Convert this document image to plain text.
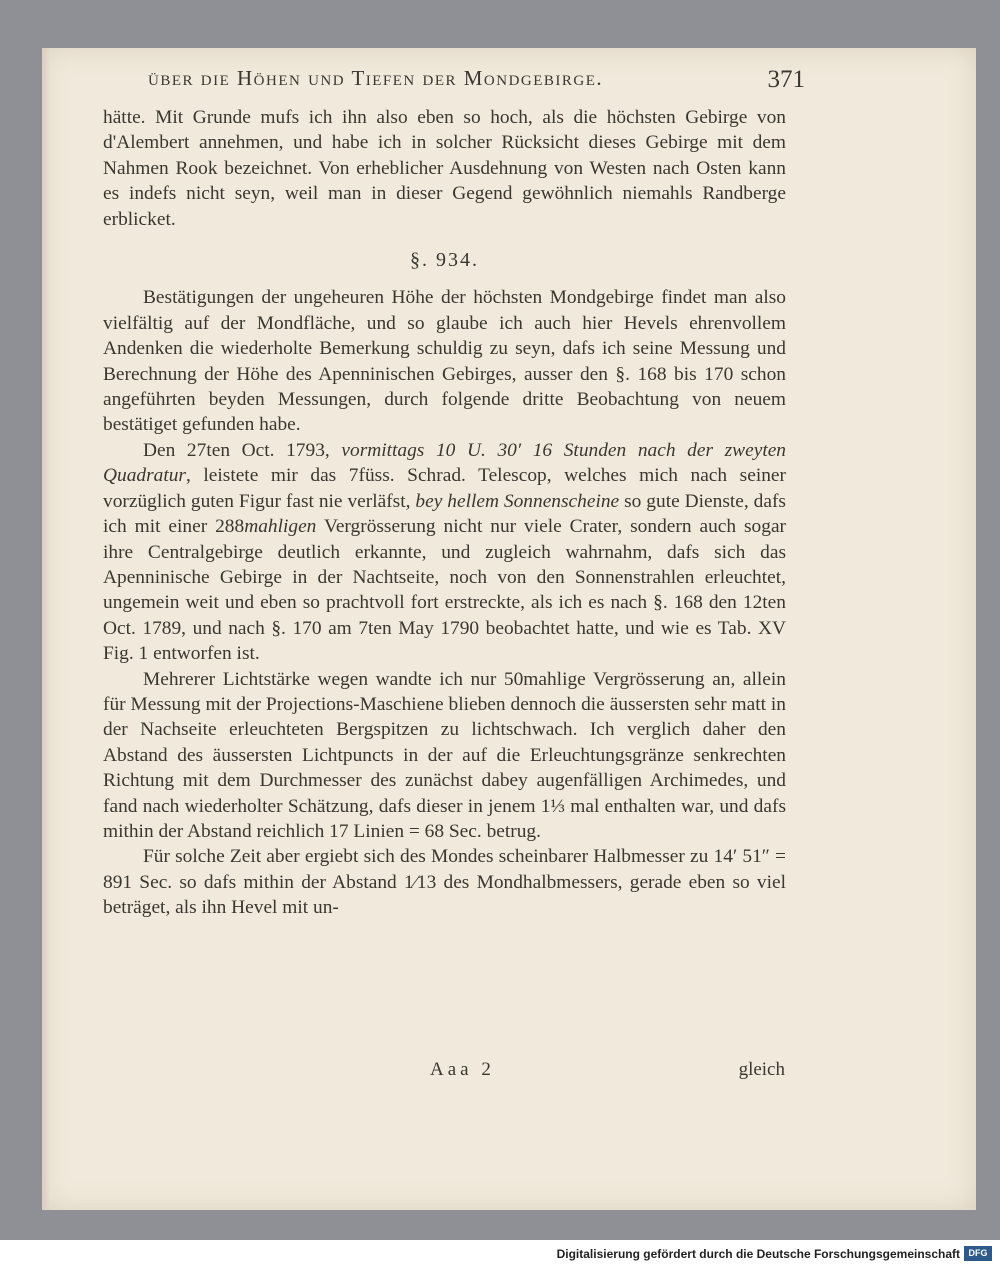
über die Höhen und Tiefen der Mondgebirge.	371

hätte. Mit Grunde mufs ich ihn also eben so hoch, als die höchsten Gebirge von d'Alembert annehmen, und habe ich in solcher Rücksicht dieses Gebirge mit dem Nahmen Rook bezeichnet. Von erheblicher Ausdehnung von Westen nach Osten kann es indefs nicht seyn, weil man in dieser Gegend gewöhnlich niemahls Randberge erblicket.

§. 934.

Bestätigungen der ungeheuren Höhe der höchsten Mondgebirge findet man also vielfältig auf der Mondfläche, und so glaube ich auch hier Hevels ehrenvollem Andenken die wiederholte Bemerkung schuldig zu seyn, dafs ich seine Messung und Berechnung der Höhe des Apenninischen Gebirges, ausser den §. 168 bis 170 schon angeführten beyden Messungen, durch folgende dritte Beobachtung von neuem bestätiget gefunden habe.

Den 27ten Oct. 1793, vormittags 10 U. 30′ 16 Stunden nach der zweyten Quadratur, leistete mir das 7füss. Schrad. Telescop, welches mich nach seiner vorzüglich guten Figur fast nie verläfst, bey hellem Sonnenscheine so gute Dienste, dafs ich mit einer 288mahligen Vergrösserung nicht nur viele Crater, sondern auch sogar ihre Centralgebirge deutlich erkannte, und zugleich wahrnahm, dafs sich das Apenninische Gebirge in der Nachtseite, noch von den Sonnenstrahlen erleuchtet, ungemein weit und eben so prachtvoll fort erstreckte, als ich es nach §. 168 den 12ten Oct. 1789, und nach §. 170 am 7ten May 1790 beobachtet hatte, und wie es Tab. XV Fig. 1 entworfen ist.

Mehrerer Lichtstärke wegen wandte ich nur 50mahlige Vergrösserung an, allein für Messung mit der Projections-Maschiene blieben dennoch die äussersten sehr matt in der Nachseite erleuchteten Bergspitzen zu lichtschwach. Ich verglich daher den Abstand des äussersten Lichtpuncts in der auf die Erleuchtungsgränze senkrechten Richtung mit dem Durchmesser des zunächst dabey augenfälligen Archimedes, und fand nach wiederholter Schätzung, dafs dieser in jenem 1⅓ mal enthalten war, und dafs mithin der Abstand reichlich 17 Linien = 68 Sec. betrug.

Für solche Zeit aber ergiebt sich des Mondes scheinbarer Halbmesser zu 14′ 51″ = 891 Sec. so dafs mithin der Abstand 1⁄13 des Mondhalbmessers, gerade eben so viel beträget, als ihn Hevel mit un-

Aaa 2	gleich
Digitalisierung gefördert durch die Deutsche Forschungsgemeinschaft DFG
